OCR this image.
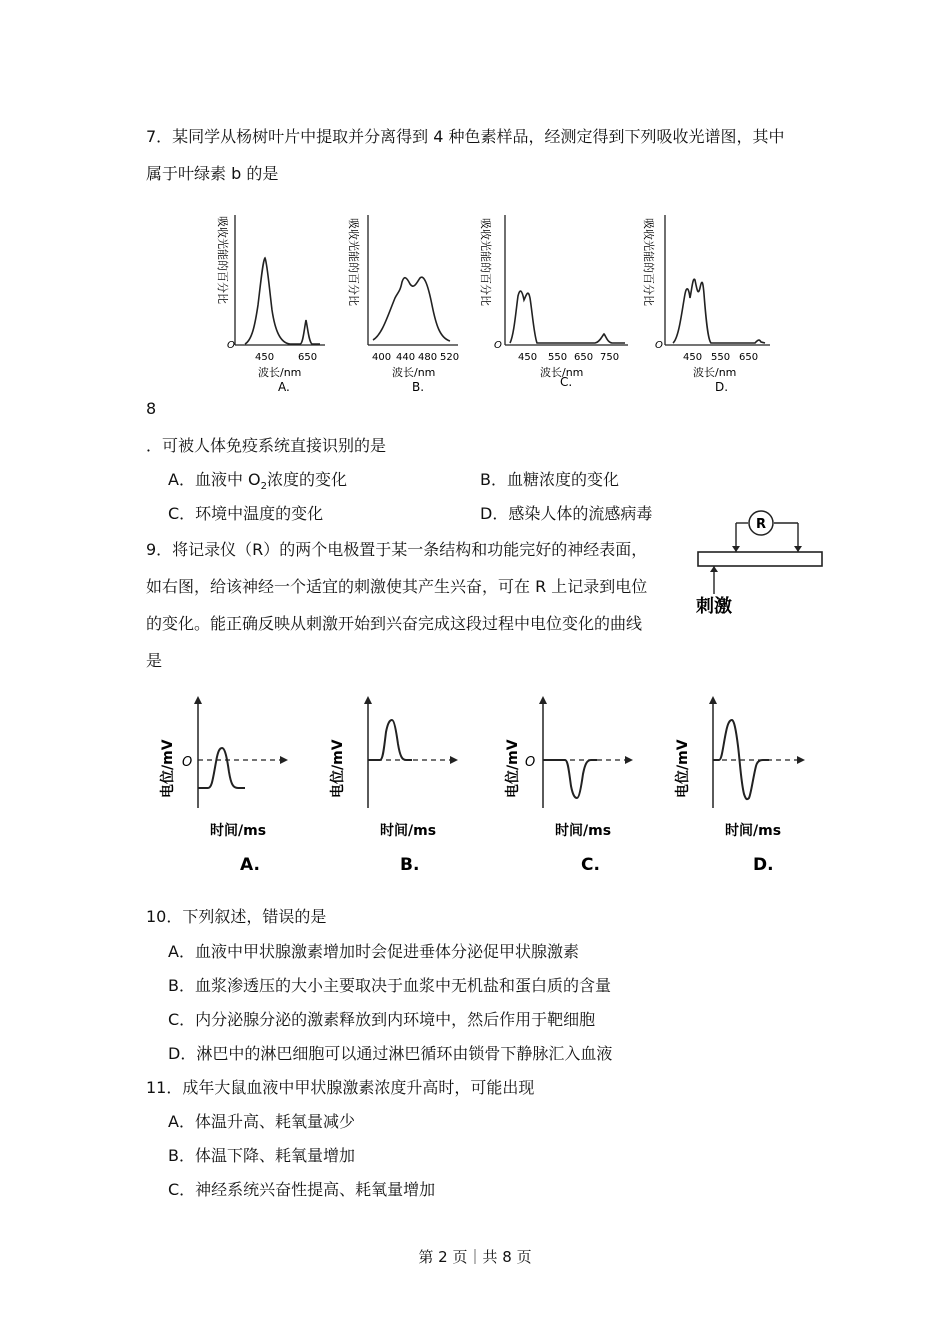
7．某同学从杨树叶片中提取并分离得到 4 种色素样品，经测定得到下列吸收光谱图，其中
属于叶绿素 b 的是
吸收光能的百分比
O
450 650
波长/nm
A.
吸收光能的百分比
400 440 480 520
波长/nm
B.
吸收光能的百分比
O
450 550 650 750
波长/nm
C.
吸收光能的百分比
O
450 550 650
波长/nm
D.
8
．可被人体免疫系统直接识别的是
A．血液中 $O_2$浓度的变化	B．血糖浓度的变化
C．环境中温度的变化	D．感染人体的流感病毒
9．将记录仪（R）的两个电极置于某一条结构和功能完好的神经表面，
如右图，给该神经一个适宜的刺激使其产生兴奋，可在 R 上记录到电位
的变化。能正确反映从刺激开始到兴奋完成这段过程中电位变化的曲线
是
R
刺激
电位/mV O
时间/ms
A.
电位/mV
时间/ms
B.
电位/mV O
时间/ms
C.
电位/mV
时间/ms
D.
10．下列叙述，错误的是
A．血液中甲状腺激素增加时会促进垂体分泌促甲状腺激素
B．血浆渗透压的大小主要取决于血浆中无机盐和蛋白质的含量
C．内分泌腺分泌的激素释放到内环境中，然后作用于靶细胞
D．淋巴中的淋巴细胞可以通过淋巴循环由锁骨下静脉汇入血液
11．成年大鼠血液中甲状腺激素浓度升高时，可能出现
A．体温升高、耗氧量减少
B．体温下降、耗氧量增加
C．神经系统兴奋性提高、耗氧量增加
第 2 页｜共 8 页
